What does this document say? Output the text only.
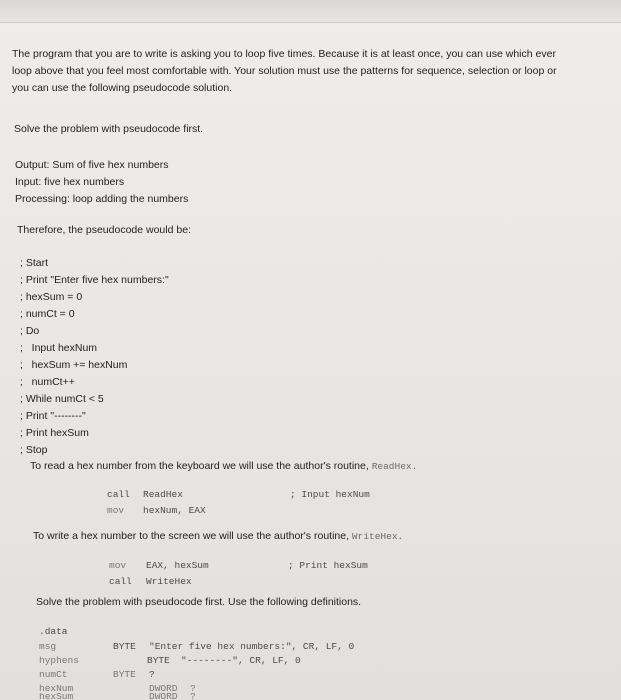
The program that you are to write is asking you to loop five times. Because it is at least once, you can use which ever
loop above that you feel most comfortable with. Your solution must use the patterns for sequence, selection or loop or
you can use the following pseudocode solution.
Solve the problem with pseudocode first.
Output: Sum of five hex numbers
Input: five hex numbers
Processing: loop adding the numbers
Therefore, the pseudocode would be:
; Start
; Print "Enter five hex numbers:"
; hexSum = 0
; numCt = 0
; Do
;   Input hexNum
;   hexSum += hexNum
;   numCt++
; While numCt < 5
; Print "--------"
; Print hexSum
; Stop
To read a hex number from the keyboard we will use the author's routine, ReadHex.
call ReadHex	; Input hexNum
mov hexNum, EAX
To write a hex number to the screen we will use the author's routine, WriteHex.
mov EAX, hexSum	; Print hexSum
call WriteHex
Solve the problem with pseudocode first. Use the following definitions.
.data
msg	BYTE "Enter five hex numbers:", CR, LF, 0
hyphens	BYTE "--------", CR, LF, 0
numCt	BYTE ?
hexNum	DWORD ?
hexSum	DWORD ?
